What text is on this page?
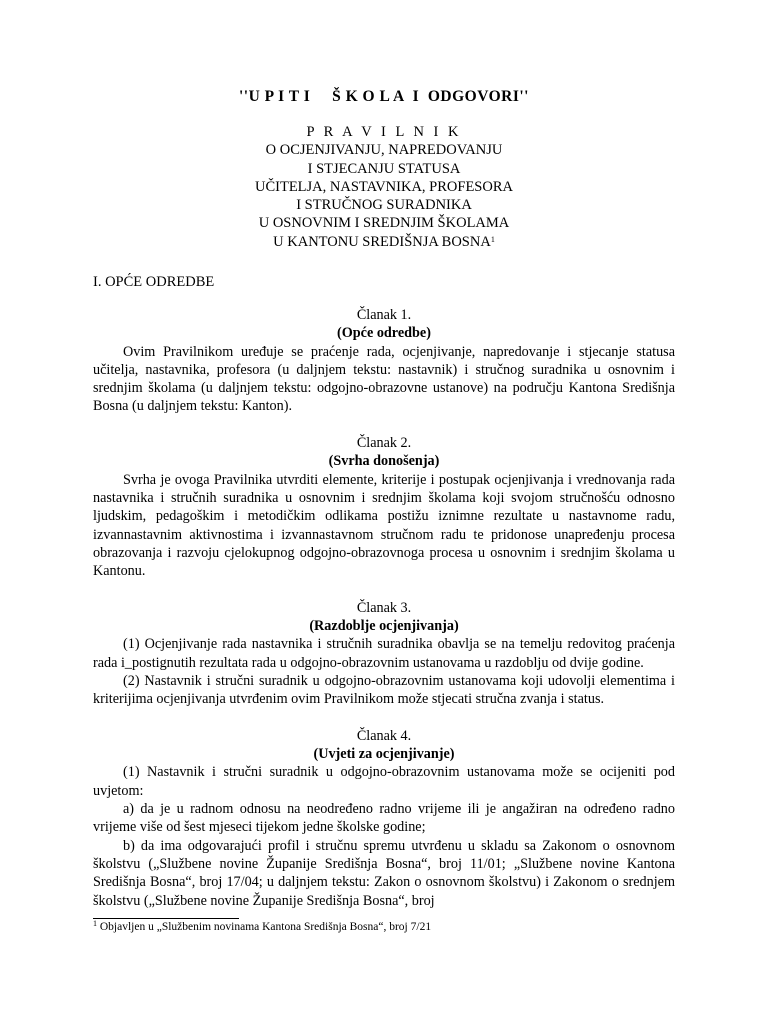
''U P I T I     Š K O L A  I  ODGOVORI''
P R A V I L N I K
O OCJENJIVANJU, NAPREDOVANJU
I STJECANJU STATUSA
UČITELJA, NASTAVNIKA, PROFESORA
I STRUČNOG SURADNIKA
U OSNOVNIM I SREDNJIM ŠKOLAMA
U KANTONU SREDIŠNJA BOSNA$^1$
I. OPĆE ODREDBE
Članak 1.
(Opće odredbe)

Ovim Pravilnikom uređuje se praćenje rada, ocjenjivanje, napredovanje i stjecanje statusa učitelja, nastavnika, profesora (u daljnjem tekstu: nastavnik) i stručnog suradnika u osnovnim i srednjim školama (u daljnjem tekstu: odgojno-obrazovne ustanove) na području Kantona Središnja Bosna (u daljnjem tekstu: Kanton).

Članak 2.
(Svrha donošenja)

Svrha je ovoga Pravilnika utvrditi elemente, kriterije i postupak ocjenjivanja i vrednovanja rada nastavnika i stručnih suradnika u osnovnim i srednjim školama koji svojom stručnošću odnosno ljudskim, pedagoškim i metodičkim odlikama postižu iznimne rezultate u nastavnome radu, izvannastavnim aktivnostima i izvannastavnom stručnom radu te pridonose unapređenju procesa obrazovanja i razvoju cjelokupnog odgojno-obrazovnoga procesa u osnovnim i srednjim školama u Kantonu.

Članak 3.
(Razdoblje ocjenjivanja)

(1) Ocjenjivanje rada nastavnika i stručnih suradnika obavlja se na temelju redovitog praćenja rada i_postignutih rezultata rada u odgojno-obrazovnim ustanovama u razdoblju od dvije godine.

(2) Nastavnik i stručni suradnik u odgojno-obrazovnim ustanovama koji udovolji elementima i kriterijima ocjenjivanja utvrđenim ovim Pravilnikom može stjecati stručna zvanja i status.

Članak 4.
(Uvjeti za ocjenjivanje)

(1) Nastavnik i stručni suradnik u odgojno-obrazovnim ustanovama može se ocijeniti pod uvjetom:

a) da je u radnom odnosu na neodređeno radno vrijeme ili je angažiran na određeno radno vrijeme više od šest mjeseci tijekom jedne školske godine;

b) da ima odgovarajući profil i stručnu spremu utvrđenu u skladu sa Zakonom o osnovnom školstvu („Službene novine Županije Središnja Bosna“, broj 11/01; „Službene novine Kantona Središnja Bosna“, broj 17/04; u daljnjem tekstu: Zakon o osnovnom školstvu) i Zakonom o srednjem školstvu („Službene novine Županije Središnja Bosna“, broj

$^1$ Objavljen u „Službenim novinama Kantona Središnja Bosna“, broj 7/21
